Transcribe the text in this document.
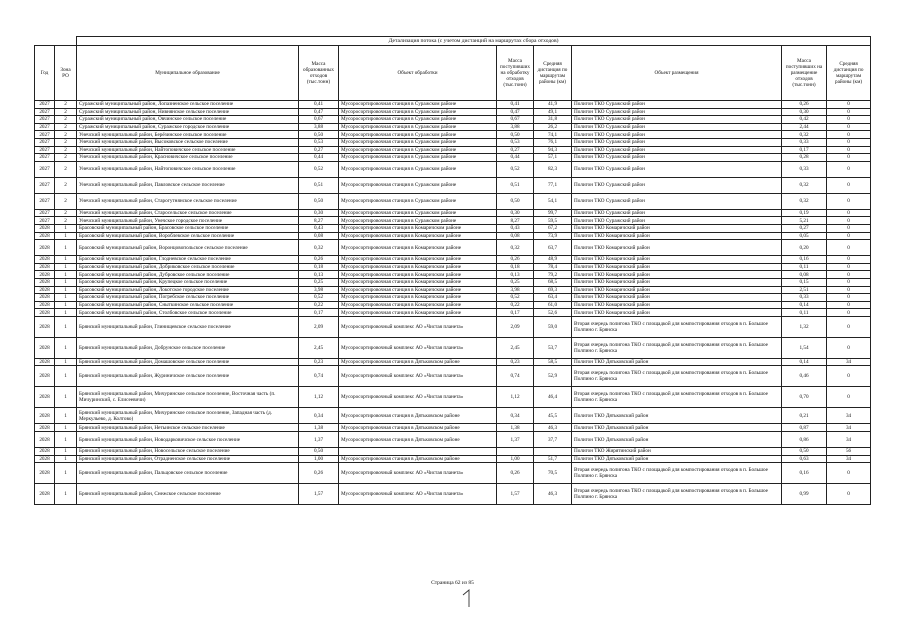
		Детализация потока (с учетом дистанций на маршрутах сбора отходов)							
Год	Зона РО	Муниципальное образование	Масса образованных отходов (тыс.тонн)	Объект обработки	Масса поступивших на обработку отходов (тыс.тонн)	Средняя дистанция по маршрутам районы (км)	Объект размещения	Масса поступивших на размещение отходов (тыс.тонн)	Средняя дистанция по маршрутам районы (км)
2027	2	Суражский муниципальный район, Лопазненское сельское поселение	0,41	Мусоросортировочная станция в Суражском районе	0,41	41,9	Полигон ТКО Суражский район	0,26	0
2027	2	Суражский муниципальный район, Нивнянское сельское поселение	0,47	Мусоросортировочная станция в Суражском районе	0,47	49,1	Полигон ТКО Суражский район	0,30	0
2027	2	Суражский муниципальный район, Овчинское сельское поселение	0,67	Мусоросортировочная станция в Суражском районе	0,67	31,8	Полигон ТКО Суражский район	0,42	0
2027	2	Суражский муниципальный район, Суражское городское поселение	3,88	Мусоросортировочная станция в Суражском районе	3,88	26,2	Полигон ТКО Суражский район	2,44	0
2027	2	Унечский муниципальный район, Берёзинское сельское поселение	0,50	Мусоросортировочная станция в Суражском районе	0,50	74,1	Полигон ТКО Суражский район	0,32	0
2027	2	Унечский муниципальный район, Высоковское сельское поселение	0,53	Мусоросортировочная станция в Суражском районе	0,53	76,1	Полигон ТКО Суражский район	0,33	0
2027	2	Унечский муниципальный район, Найтоповичское сельское поселение	0,27	Мусоросортировочная станция в Суражском районе	0,27	94,3	Полигон ТКО Суражский район	0,17	0
2027	2	Унечский муниципальный район, Красновичское сельское поселение	0,44	Мусоросортировочная станция в Суражском районе	0,44	57,1	Полигон ТКО Суражский район	0,28	0
2027	2	Унечский муниципальный район, Найтоповичское сельское поселение	0,52	Мусоросортировочная станция в Суражском районе	0,52	82,3	Полигон ТКО Суражский район	0,33	0
2027	2	Унечский муниципальный район, Павловское сельское поселение	0,51	Мусоросортировочная станция в Суражском районе	0,51	77,1	Полигон ТКО Суражский район	0,32	0
2027	2	Унечский муниципальный район, Старогутнянское сельское поселение	0,50	Мусоросортировочная станция в Суражском районе	0,50	54,1	Полигон ТКО Суражский район	0,32	0
2027	2	Унечский муниципальный район, Старосельское сельское поселение	0,30	Мусоросортировочная станция в Суражском районе	0,30	99,7	Полигон ТКО Суражский район	0,19	0
2027	2	Унечский муниципальный район, Унечское городское поселение	8,27	Мусоросортировочная станция в Суражском районе	8,27	59,5	Полигон ТКО Суражский район	5,21	0
2028	1	Брасовский муниципальный район, Брасовское сельское поселение	0,43	Мусоросортировочная станция в Комаричском районе	0,43	67,2	Полигон ТКО Комаричский район	0,27	0
2028	1	Брасовский муниципальный район, Вороблевское сельское поселение	0,08	Мусоросортировочная станция в Комаричском районе	0,08	73,9	Полигон ТКО Комаричский район	0,05	0
2028	1	Брасовский муниципальный район, Воронцовопольское сельское поселение	0,32	Мусоросортировочная станция в Комаричском районе	0,32	63,7	Полигон ТКО Комаричский район	0,20	0
2028	1	Брасовский муниципальный район, Глодневское сельское поселение	0,26	Мусоросортировочная станция в Комаричском районе	0,26	48,9	Полигон ТКО Комаричский район	0,16	0
2028	1	Брасовский муниципальный район, Добриковское сельское поселение	0,18	Мусоросортировочная станция в Комаричском районе	0,18	78,4	Полигон ТКО Комаричский район	0,11	0
2028	1	Брасовский муниципальный район, Дубровское сельское поселение	0,13	Мусоросортировочная станция в Комаричском районе	0,13	79,2	Полигон ТКО Комаричский район	0,08	0
2028	1	Брасовский муниципальный район, Крупецкое сельское поселение	0,25	Мусоросортировочная станция в Комаричском районе	0,25	68,5	Полигон ТКО Комаричский район	0,15	0
2028	1	Брасовский муниципальный район, Локотское городское поселение	3,98	Мусоросортировочная станция в Комаричском районе	3,98	69,3	Полигон ТКО Комаричский район	2,51	0
2028	1	Брасовский муниципальный район, Погребское сельское поселение	0,52	Мусоросортировочная станция в Комаричском районе	0,52	63,4	Полигон ТКО Комаричский район	0,33	0
2028	1	Брасовский муниципальный район, Сныткинское сельское поселение	0,22	Мусоросортировочная станция в Комаричском районе	0,22	61,0	Полигон ТКО Комаричский район	0,14	0
2028	1	Брасовский муниципальный район, Столбовское сельское поселение	0,17	Мусоросортировочная станция в Комаричском районе	0,17	52,6	Полигон ТКО Комаричский район	0,11	0
2028	1	Брянский муниципальный район, Глинищевское сельское поселение	2,09	Мусоросортировочный комплекс АО «Чистая планета»	2,09	59,0	Вторая очередь полигона ТКО с площадкой для компостирования отходов в п. Большое Полпино г. Брянска	1,32	0
2028	1	Брянский муниципальный район, Добрунское сельское поселение	2,45	Мусоросортировочный комплекс АО «Чистая планета»	2,45	53,7	Вторая очередь полигона ТКО с площадкой для компостирования отходов в п. Большое Полпино г. Брянска	1,54	0
2028	1	Брянский муниципальный район, Домашовское сельское поселение	0,23	Мусоросортировочная станция в Дятьковском районе	0,23	58,5	Полигон ТКО Дятьковский район	0,14	34
2028	1	Брянский муниципальный район, Журиничское сельское поселение	0,74	Мусоросортировочный комплекс АО «Чистая планета»	0,74	52,9	Вторая очередь полигона ТКО с площадкой для компостирования отходов в п. Большое Полпино г. Брянска	0,46	0
2028	1	Брянский муниципальный район, Мичуринское сельское поселение, Восточная часть (п. Мичуринский, с. Елисеевичи)	1,12	Мусоросортировочный комплекс АО «Чистая планета»	1,12	46,4	Вторая очередь полигона ТКО с площадкой для компостирования отходов в п. Большое Полпино г. Брянска	0,70	0
2028	1	Брянский муниципальный район, Мичуринское сельское поселение, Западная часть (д. Меркульево, д. Колтово)	0,34	Мусоросортировочная станция в Дятьковском районе	0,34	45,5	Полигон ТКО Дятьковский район	0,21	34
2028	1	Брянский муниципальный район, Нетьинское сельское поселение	1,38	Мусоросортировочная станция в Дятьковском районе	1,38	46,3	Полигон ТКО Дятьковский район	0,87	34
2028	1	Брянский муниципальный район, Новодарковичское сельское поселение	1,37	Мусоросортировочная станция в Дятьковском районе	1,37	37,7	Полигон ТКО Дятьковский район	0,86	34
2028	1	Брянский муниципальный район, Новосельское сельское поселение	0,50				Полигон ТКО Жирятинский район	0,50	56
2028	1	Брянский муниципальный район, Отрадненское сельское поселение	1,00	Мусоросортировочная станция в Дятьковском районе	1,00	51,7	Полигон ТКО Дятьковский район	0,63	34
2028	1	Брянский муниципальный район, Пальцовское сельское поселение	0,26	Мусоросортировочный комплекс АО «Чистая планета»	0,26	70,5	Вторая очередь полигона ТКО с площадкой для компостирования отходов в п. Большое Полпино г. Брянска	0,16	0
2028	1	Брянский муниципальный район, Снежское сельское поселение	1,57	Мусоросортировочный комплекс АО «Чистая планета»	1,57	46,3	Вторая очередь полигона ТКО с площадкой для компостирования отходов в п. Большое Полпино г. Брянска	0,99	0
Страница 62 из 85
